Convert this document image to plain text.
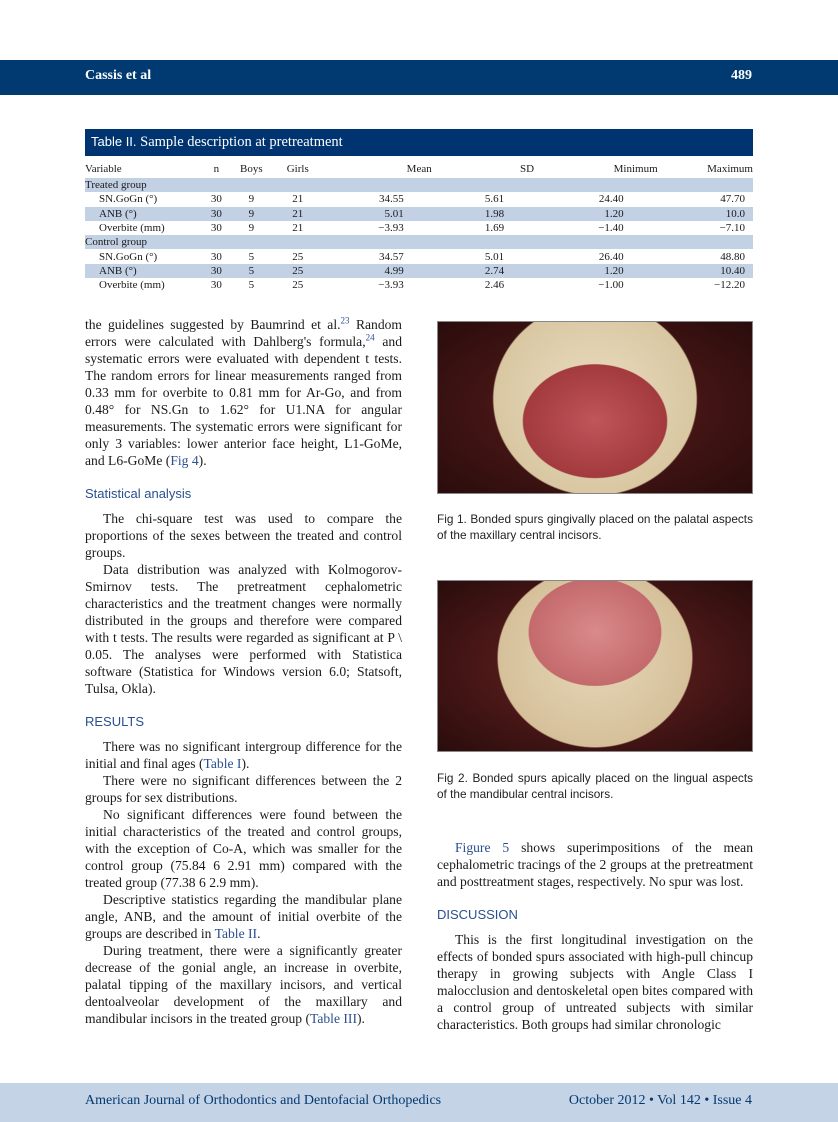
Cassis et al	489
Table II. Sample description at pretreatment
Variable	n	Boys	Girls	Mean	SD	Minimum	Maximum
Treated group							
SN.GoGn (°)	30	9	21	34.55	5.61	24.40	47.70
ANB (°)	30	9	21	5.01	1.98	1.20	10.0
Overbite (mm)	30	9	21	−3.93	1.69	−1.40	−7.10
Control group							
SN.GoGn (°)	30	5	25	34.57	5.01	26.40	48.80
ANB (°)	30	5	25	4.99	2.74	1.20	10.40
Overbite (mm)	30	5	25	−3.93	2.46	−1.00	−12.20

the guidelines suggested by Baumrind et al.$^{23}$ Random errors were calculated with Dahlberg's formula,$^{24}$ and systematic errors were evaluated with dependent t tests. The random errors for linear measurements ranged from 0.33 mm for overbite to 0.81 mm for Ar-Go, and from 0.48° for NS.Gn to 1.62° for U1.NA for angular measurements. The systematic errors were significant for only 3 variables: lower anterior face height, L1-GoMe, and L6-GoMe (Fig 4).

Statistical analysis

The chi-square test was used to compare the proportions of the sexes between the treated and control groups.

Data distribution was analyzed with Kolmogorov-Smirnov tests. The pretreatment cephalometric characteristics and the treatment changes were normally distributed in the groups and therefore were compared with t tests. The results were regarded as significant at P \ 0.05. The analyses were performed with Statistica software (Statistica for Windows version 6.0; Statsoft, Tulsa, Okla).

RESULTS

There was no significant intergroup difference for the initial and final ages (Table I).

There were no significant differences between the 2 groups for sex distributions.

No significant differences were found between the initial characteristics of the treated and control groups, with the exception of Co-A, which was smaller for the control group (75.84 6 2.91 mm) compared with the treated group (77.38 6 2.9 mm).

Descriptive statistics regarding the mandibular plane angle, ANB, and the amount of initial overbite of the groups are described in Table II.

During treatment, there were a significantly greater decrease of the gonial angle, an increase in overbite, palatal tipping of the maxillary incisors, and vertical dentoalveolar development of the maxillary and mandibular incisors in the treated group (Table III).

Fig 1. Bonded spurs gingivally placed on the palatal aspects of the maxillary central incisors.
Fig 2. Bonded spurs apically placed on the lingual aspects of the mandibular central incisors.

Figure 5 shows superimpositions of the mean cephalometric tracings of the 2 groups at the pretreatment and posttreatment stages, respectively. No spur was lost.

DISCUSSION

This is the first longitudinal investigation on the effects of bonded spurs associated with high-pull chincup therapy in growing subjects with Angle Class I malocclusion and dentoskeletal open bites compared with a control group of untreated subjects with similar characteristics. Both groups had similar chronologic

American Journal of Orthodontics and Dentofacial Orthopedics	October 2012 • Vol 142 • Issue 4
